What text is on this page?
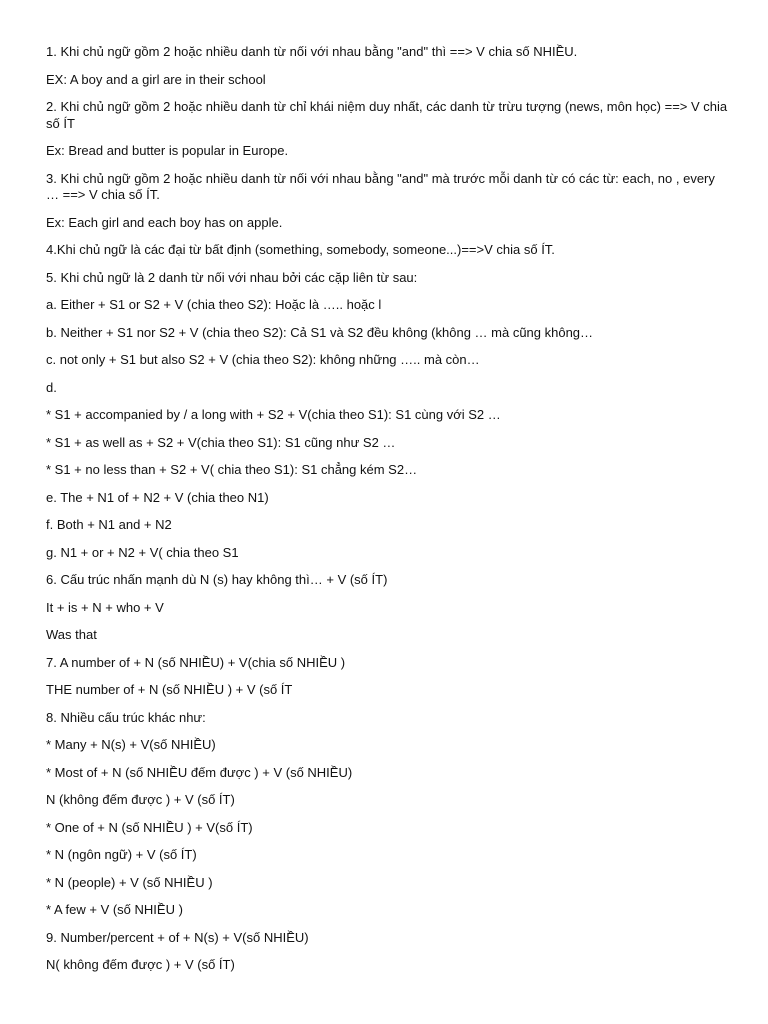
1. Khi chủ ngữ gồm 2 hoặc nhiều danh từ nối với nhau bằng "and" thì ==> V chia số NHIỀU.
EX: A boy and a girl are in their school
2. Khi chủ ngữ gồm 2 hoặc nhiều danh từ chỉ khái niệm duy nhất, các danh từ trừu tượng (news, môn học) ==> V chia số ÍT
Ex: Bread and butter is popular in Europe.
3. Khi chủ ngữ gồm 2 hoặc nhiều danh từ nối với nhau bằng "and" mà trước mỗi danh từ có các từ: each, no , every … ==> V chia số ÍT.
Ex: Each girl and each boy has on apple.
4.Khi chủ ngữ là các đại từ bất định (something, somebody, someone...)==>V chia số ÍT.
5. Khi chủ ngữ là 2 danh từ nối với nhau bởi các cặp liên từ sau:
a. Either + S1 or S2 + V (chia theo S2): Hoặc là ….. hoặc l
b. Neither + S1 nor S2 + V (chia theo S2): Cả S1 và S2 đều không (không … mà cũng không…
c. not only + S1 but also S2 + V (chia theo S2): không những ….. mà còn…
d.
* S1 + accompanied by / a long with + S2 + V(chia theo S1): S1 cùng với S2 …
* S1 + as well as + S2 + V(chia theo S1): S1 cũng như S2 …
* S1 + no less than + S2 + V( chia theo S1): S1 chẳng kém S2…
e. The + N1 of + N2 + V (chia theo N1)
f. Both + N1 and + N2
g. N1 + or + N2 + V( chia theo S1
6. Cấu trúc nhấn mạnh dù N (s) hay không thì… + V (số ÍT)
It + is + N + who + V
Was that
7. A number of + N (số NHIỀU) + V(chia số NHIỀU )
THE number of + N (số NHIỀU ) + V (số ÍT
8. Nhiều cấu trúc khác như:
* Many + N(s) + V(số NHIỀU)
* Most of + N (số NHIỀU đếm được ) + V (số NHIỀU)
N (không đếm được ) + V (số ÍT)
* One of + N (số NHIỀU ) + V(số ÍT)
* N (ngôn ngữ) + V (số ÍT)
* N (people) + V (số NHIỀU )
* A few + V (số NHIỀU )
9. Number/percent + of + N(s) + V(số NHIỀU)
N( không đếm được ) + V (số ÍT)
